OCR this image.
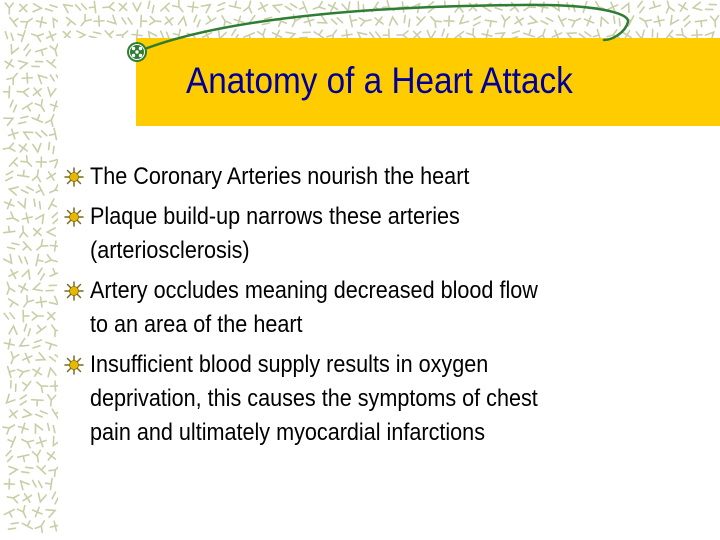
Anatomy of a Heart Attack
The Coronary Arteries nourish the heart
Plaque build-up narrows these arteries
(arteriosclerosis)
Artery occludes meaning decreased blood flow
to an area of the heart
Insufficient blood supply results in oxygen
deprivation, this causes the symptoms of chest
pain and ultimately myocardial infarctions
